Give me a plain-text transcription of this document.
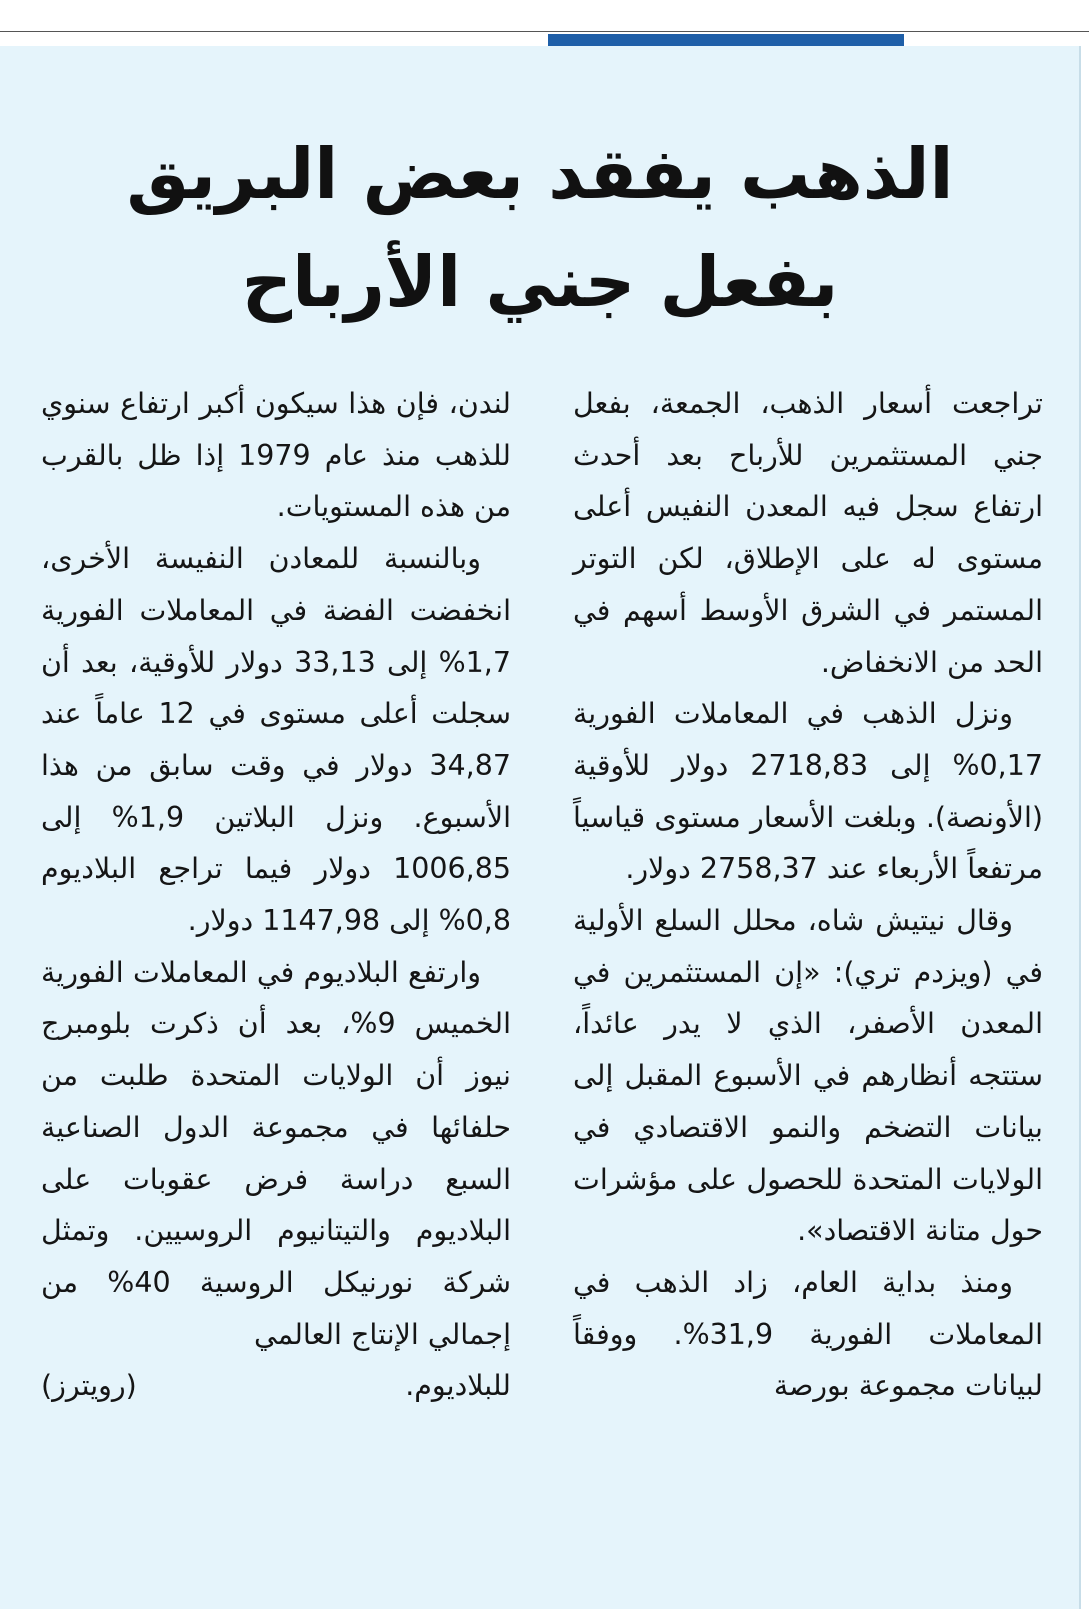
الذهب يفقد بعض البريق
بفعل جني الأرباح

تراجعت أسعار الذهب، الجمعة، بفعل جني المستثمرين للأرباح بعد أحدث ارتفاع سجل فيه المعدن النفيس أعلى مستوى له على الإطلاق، لكن التوتر المستمر في الشرق الأوسط أسهم في الحد من الانخفاض.

ونزل الذهب في المعاملات الفورية 0,17% إلى 2718,83 دولار للأوقية (الأونصة). وبلغت الأسعار مستوى قياسياً مرتفعاً الأربعاء عند 2758,37 دولار.

وقال نيتيش شاه، محلل السلع الأولية في (ويزدم تري): «إن المستثمرين في المعدن الأصفر، الذي لا يدر عائداً، ستتجه أنظارهم في الأسبوع المقبل إلى بيانات التضخم والنمو الاقتصادي في الولايات المتحدة للحصول على مؤشرات حول متانة الاقتصاد».

ومنذ بداية العام، زاد الذهب في المعاملات الفورية 31,9%. ووفقاً لبيانات مجموعة بورصة

لندن، فإن هذا سيكون أكبر ارتفاع سنوي للذهب منذ عام 1979 إذا ظل بالقرب من هذه المستويات.

وبالنسبة للمعادن النفيسة الأخرى، انخفضت الفضة في المعاملات الفورية 1,7% إلى 33,13 دولار للأوقية، بعد أن سجلت أعلى مستوى في 12 عاماً عند 34,87 دولار في وقت سابق من هذا الأسبوع. ونزل البلاتين 1,9% إلى 1006,85 دولار فيما تراجع البلاديوم 0,8% إلى 1147,98 دولار.

وارتفع البلاديوم في المعاملات الفورية الخميس 9%، بعد أن ذكرت بلومبرج نيوز أن الولايات المتحدة طلبت من حلفائها في مجموعة الدول الصناعية السبع دراسة فرض عقوبات على البلاديوم والتيتانيوم الروسيين. وتمثل شركة نورنيكل الروسية 40% من إجمالي الإنتاج العالمي

للبلاديوم.
(رويترز)
